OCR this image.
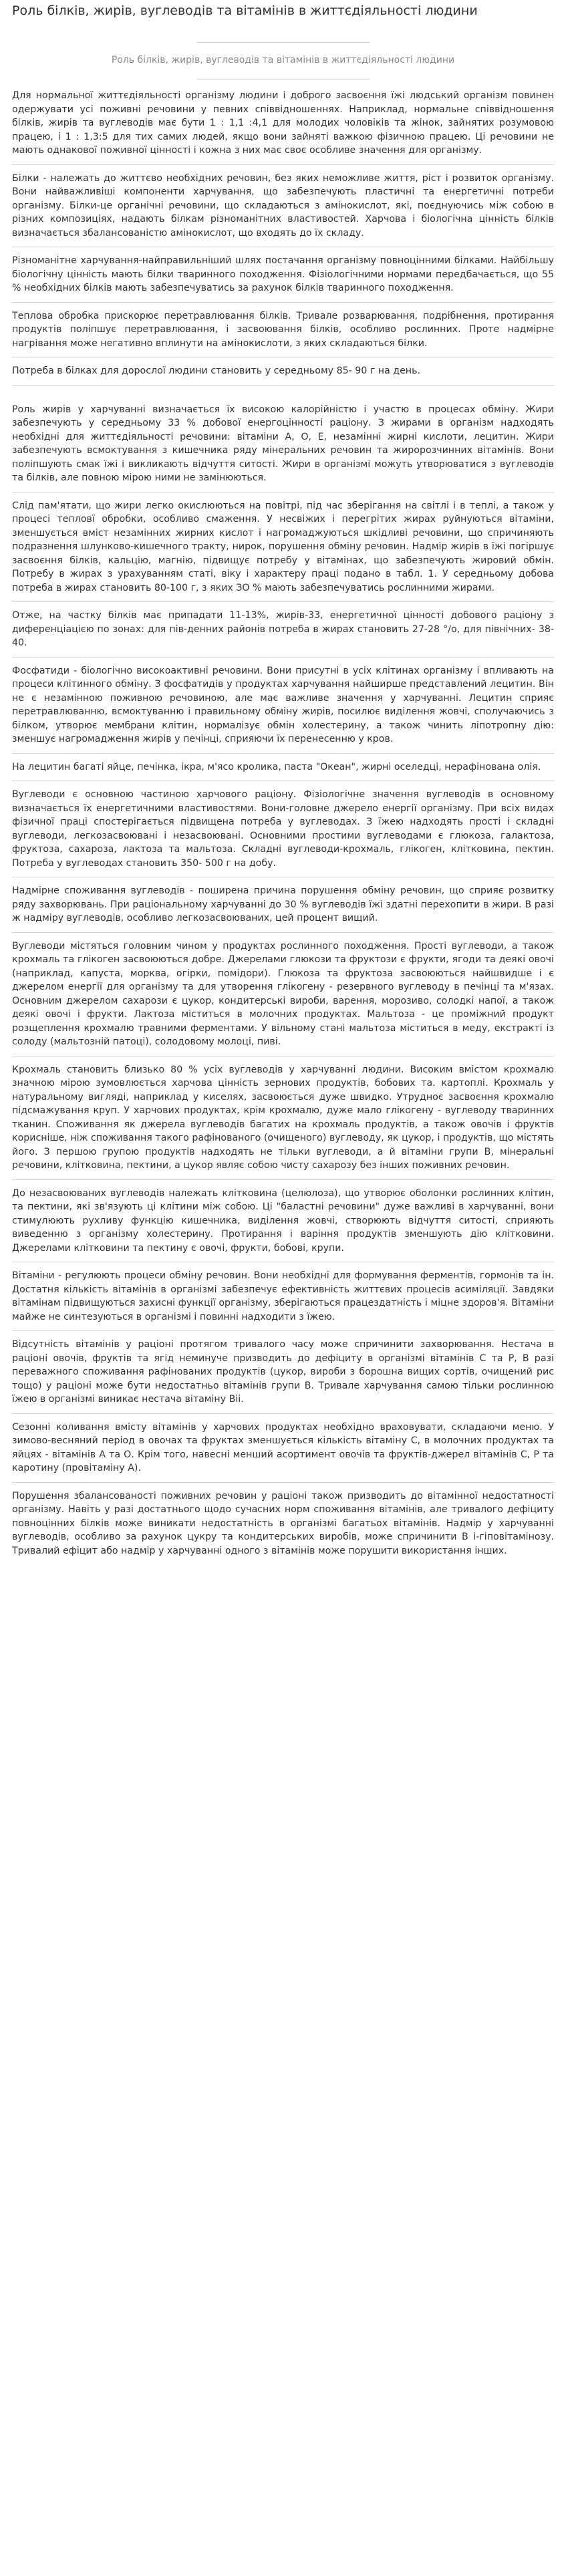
Роль білків, жирів, вуглеводів та вітамінів в життєдіяльності людини
Роль білків, жирів, вуглеводів та вітамінів в життєдіяльності людини

Для нормальної життєдіяльності організму людини і доброго засвоєння їжі людський організм повинен одержувати усі поживні речовини у певних співвідношеннях. Наприклад, нормальне співвідношення білків, жирів та вуглеводів має бути 1 : 1,1 :4,1 для молодих чоловіків та жінок, зайнятих розумовою працею, і 1 : 1,3:5 для тих самих людей, якщо вони зайняті важкою фізичною працею. Ці речовини не мають однакової поживної цінності і кожна з них має своє особливе значення для організму.

Білки - належать до життєво необхідних речовин, без яких неможливе життя, ріст і розвиток організму. Вони найважливіші компоненти харчування, що забезпечують пластичні та енергетичні потреби організму. Білки-це органічні речовини, що складаються з амінокислот, які, поєднуючись між собою в різних композиціях, надають білкам різноманітних властивостей. Харчова і біологічна цінність білків визначається збалансованістю амінокислот, що входять до їх складу.

Різноманітне харчування-найправильніший шлях постачання організму повноцінними білками. Найбільшу біологічну цінність мають білки тваринного походження. Фізіологічними нормами передбачається, що 55 % необхідних білків мають забезпечуватись за рахунок білків тваринного походження.

Теплова обробка прискорює перетравлювання білків. Тривале розварювання, подрібнення, протирання продуктів поліпшує перетравлювання, і засвоювання білків, особливо рослинних. Проте надмірне нагрівання може негативно вплинути на амінокислоти, з яких складаються білки.

Потреба в білках для дорослої людини становить у середньому 85- 90 г на день.

Роль жирів у харчуванні визначається їх високою калорійністю і участю в процесах обміну. Жири забезпечують у середньому 33 % добової енергоцінності раціону. З жирами в організм надходять необхідні для життєдіяльності речовини: вітаміни А, О, Е, незамінні жирні кислоти, лецитин. Жири забезпечують всмоктування з кишечника ряду мінеральних речовин та жиророзчинних вітамінів. Вони поліпшують смак їжі і викликають відчуття ситості. Жири в організмі можуть утворюватися з вуглеводів та білків, але повною мірою ними не замінюються.

Слід пам'ятати, що жири легко окислюються на повітрі, під час зберігання на світлі і в теплі, а також у процесі тепловї обробки, особливо смаження. У несвіжих і перегрітих жирах руйнуються вітаміни, зменшується вміст незамінних жирних кислот і нагромаджуються шкідливі речовини, що спричиняють подразнення шлунково-кишечного тракту, нирок, порушення обміну речовин. Надмір жирів в їжі погіршує засвоєння білків, кальцію, магнію, підвищує потребу у вітамінах, що забезпечують жировий обмін. Потребу в жирах з урахуванням статі, віку і характеру праці подано в табл. 1. У середньому добова потреба в жирах становить 80-100 г, з яких ЗО % мають забезпечуватись рослинними жирами.

Отже, на частку білків має припадати 11-13%, жирів-33, енергетичної цінності добового раціону з диференціацією по зонах: для пів-денних районів потреба в жирах становить 27-28 °/о, для північних- 38-40.

Фосфатиди - біологічно високоактивні речовини. Вони присутні в усіх клітинах організму і впливають на процеси клітинного обміну. З фосфатидів у продуктах харчування найширше представлений лецитин. Він не є незамінною поживною речовиною, але має важливе значення у харчуванні. Лецитин сприяє перетравлюванню, всмоктуванню і правильному обміну жирів, посилює виділення жовчі, сполучаючись з білком, утворює мембрани клітин, нормалізує обмін холестерину, а також чинить ліпотропну дію: зменшує нагромадження жирів у печінці, сприяючи їх перенесенню у кров.

На лецитин багаті яйце, печінка, ікра, м'ясо кролика, паста "Океан", жирні оселедці, нерафінована олія.

Вуглеводи є основною частиною харчового раціону. Фізіологічне значення вуглеводів в основному визначається їх енергетичними властивостями. Вони-головне джерело енергії організму. При всіх видах фізичної праці спостерігається підвищена потреба у вуглеводах. З їжею надходять прості і складні вуглеводи, легкозасвоювані і незасвоювані. Основними простими вуглеводами є глюкоза, галактоза, фруктоза, сахароза, лактоза та мальтоза. Складні вуглеводи-крохмаль, глікоген, клітковина, пектин. Потреба у вуглеводах становить 350- 500 г на добу.

Надмірне споживання вуглеводів - поширена причина порушення обміну речовин, що сприяє розвитку ряду захворювань. При раціональному харчуванні до 30 % вуглеводів їжі здатні перехопити в жири. В разі ж надміру вуглеводів, особливо легкозасвоюваних, цей процент вищий.

Вуглеводи містяться головним чином у продуктах рослинного походження. Прості вуглеводи, а також крохмаль та глікоген засвоюються добре. Джерелами глюкози та фруктози є фрукти, ягоди та деякі овочі (наприклад, капуста, морква, огірки, помідори). Глюкоза та фруктоза засвоюються найшвидше і є джерелом енергії для організму та для утворення глікогену - резервного вуглеводу в печінці та м'язах. Основним джерелом сахарози є цукор, кондитерські вироби, варення, морозиво, солодкі напої, а також деякі овочі і фрукти. Лактоза міститься в молочних продуктах. Мальтоза - це проміжний продукт розщеплення крохмалю травними ферментами. У вільному стані мальтоза міститься в меду, екстракті із солоду (мальтозній патоці), солодовому молоці, пиві.

Крохмаль становить близько 80 % усіх вуглеводів у харчуванні людини. Високим вмістом крохмалю значною мірою зумовлюється харчова цінність зернових продуктів, бобових та. картоплі. Крохмаль у натуральному вигляді, наприклад у киселях, засвоюється дуже швидко. Утрудноє засвоєння крохмалю підсмажування круп. У харчових продуктах, крім крохмалю, дуже мало глікогену - вуглеводу тваринних тканин. Споживання як джерела вуглеводів багатих на крохмаль продуктів, а також овочів і фруктів корисніше, ніж споживання такого рафінованого (очищеного) вуглеводу, як цукор, і продуктів, що містять його. З першою групою продуктів надходять не тільки вуглеводи, а й вітаміни групи В, мінеральні речовини, клітковина, пектини, а цукор являє собою чисту сахарозу без інших поживних речовин.

До незасвоюваних вуглеводів належать клітковина (целюлоза), що утворює оболонки рослинних клітин, та пектини, які зв'язують ці клітини між собою. Ці "баластні речовини" дуже важливі в харчуванні, вони стимулюють рухливу функцію кишечника, виділення жовчі, створюють відчуття ситості, сприяють виведенню з організму холестерину. Протирання і варіння продуктів зменшують дію клітковини. Джерелами клітковини та пектину є овочі, фрукти, бобові, крупи.

Вітаміни - регулюють процеси обміну речовин. Вони необхідні для формування ферментів, гормонів та ін. Достатня кількість вітамінів в організмі забезпечує ефективність життєвих процесів асиміляції. Завдяки вітамінам підвищуються захисні функції організму, зберігаються працездатність і міцне здоров'я. Вітаміни майже не синтезуються в організмі і повинні надходити з їжею.

Відсутність вітамінів у раціоні протягом тривалого часу може спричинити захворювання. Нестача в раціоні овочів, фруктів та ягід неминуче призводить до дефіциту в організмі вітамінів С та Р, В разі переважного споживання рафінованих продуктів (цукор, вироби з борошна вищих сортів, очищений рис тощо) у раціоні може бути недостатньо вітамінів групи В. Тривале харчування самою тільки рослинною їжею в організмі виникає нестача вітаміну Віі.

Сезонні коливання вмісту вітамінів у харчових продуктах необхідно враховувати, складаючи меню. У зимово-весняний період в овочах та фруктах зменшується кількість вітаміну С, в молочних продуктах та яйцях - вітамінів А та О. Крім того, навесні менший асортимент овочів та фруктів-джерел вітамінів С, Р та каротину (провітаміну А).

Порушення збалансованості поживних речовин у раціоні також призводить до вітамінної недостатності організму. Навіть у разі достатнього щодо сучасних норм споживання вітамінів, але тривалого дефіциту повноцінних білків може виникати недостатність в організмі багатьох вітамінів. Надмір у харчуванні вуглеводів, особливо за рахунок цукру та кондитерських виробів, може спричинити В і-гіповітамінозу. Тривалий ефіцит або надмір у харчуванні одного з вітамінів може порушити використання інших.
